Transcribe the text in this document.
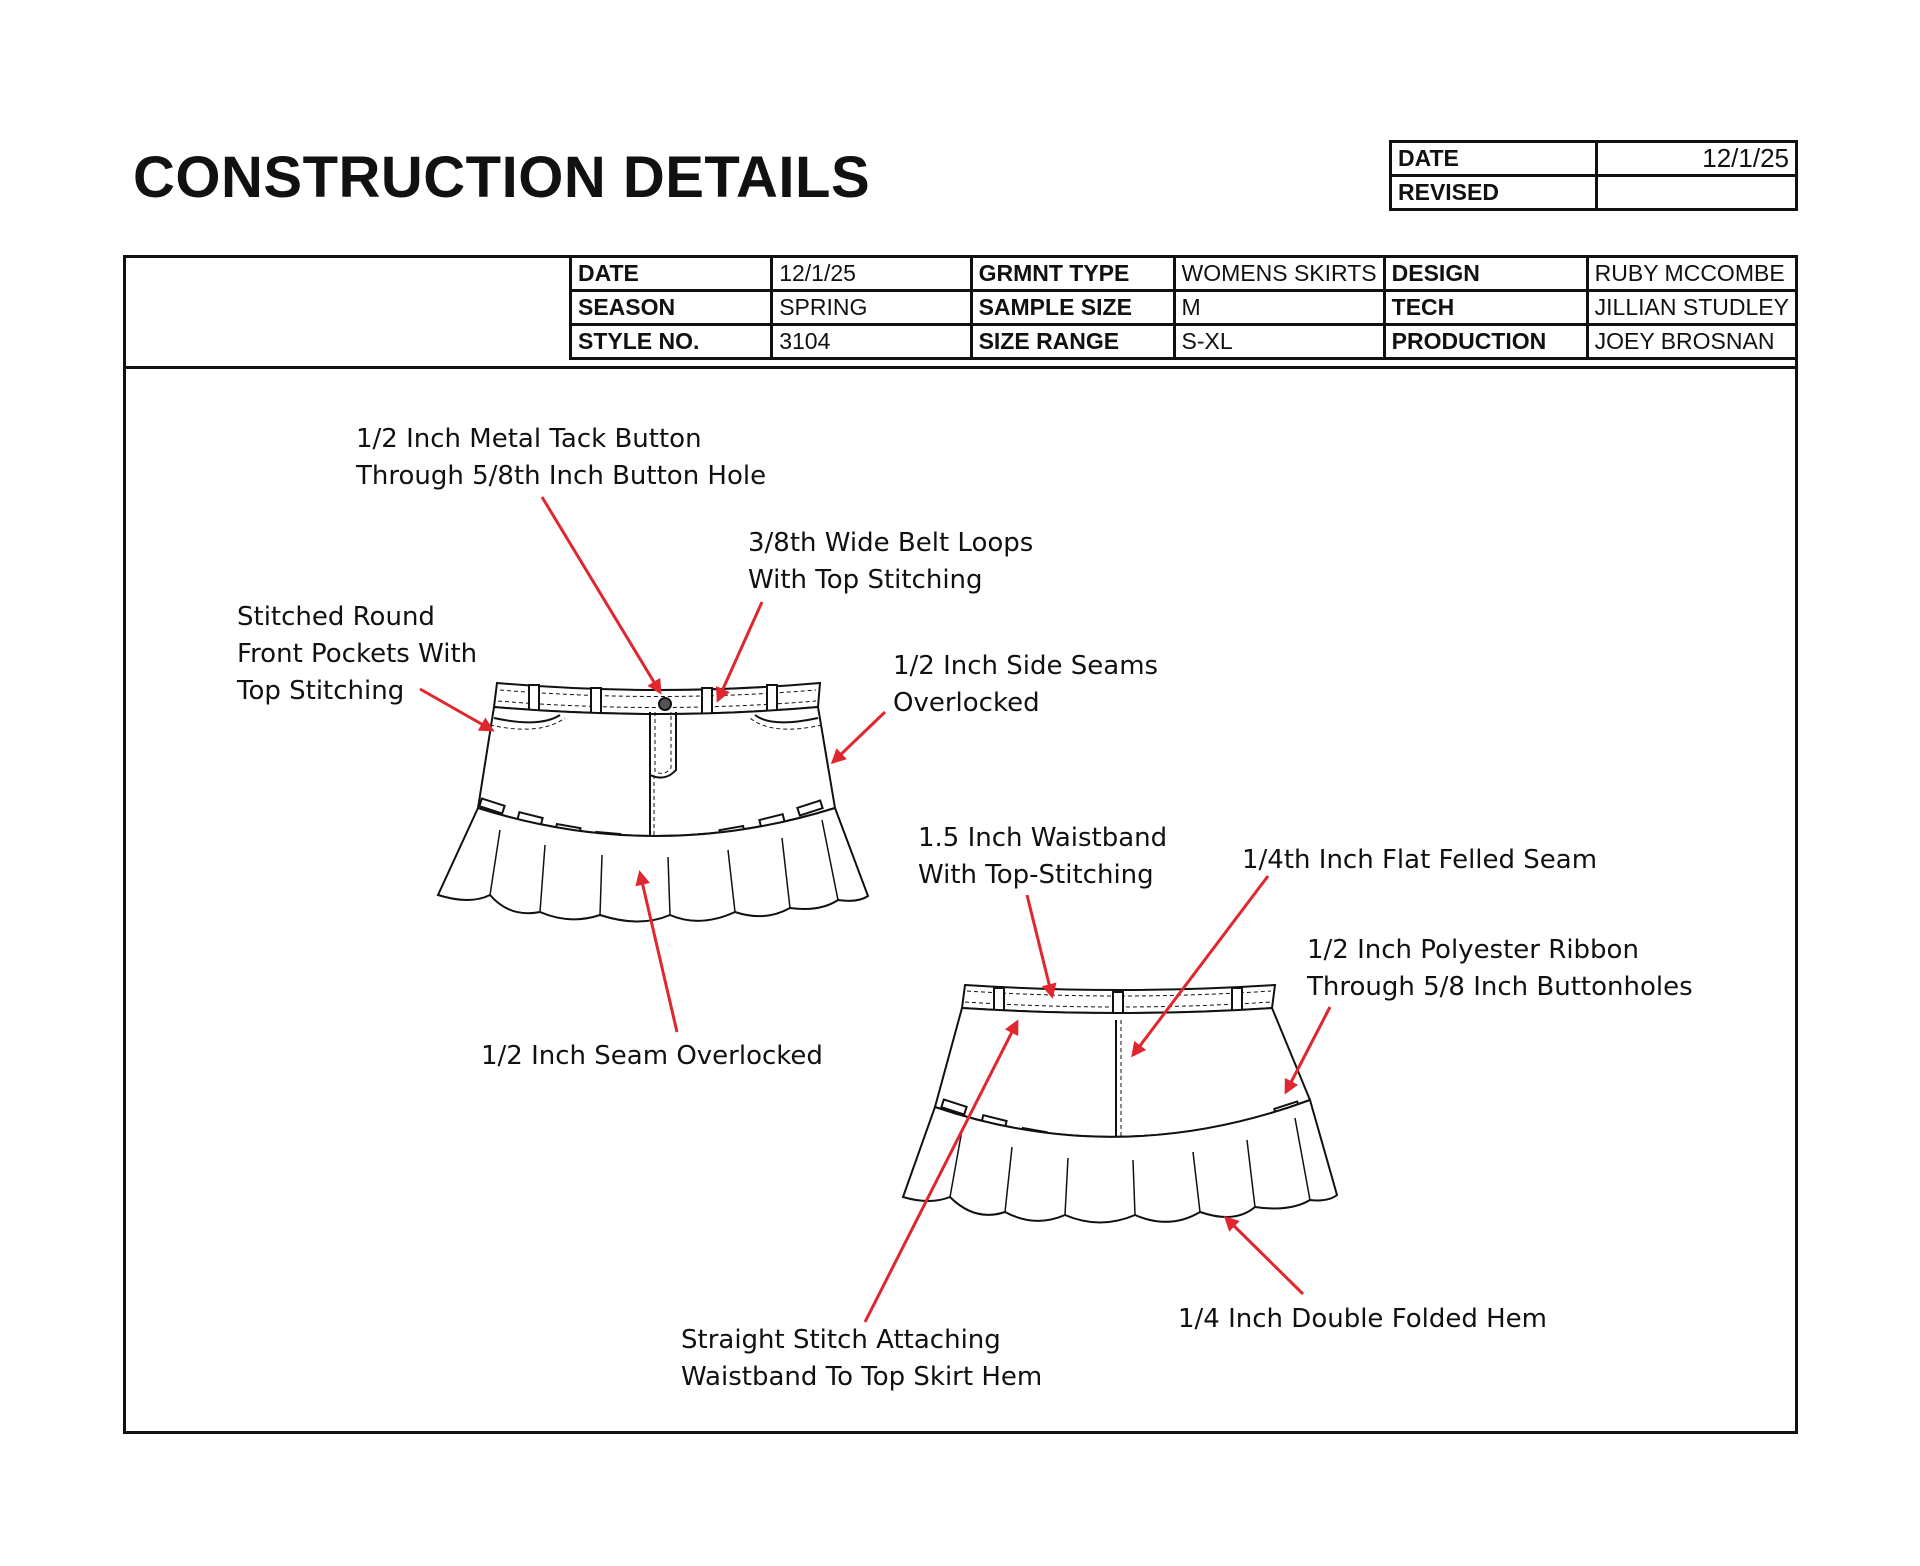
CONSTRUCTION DETAILS	DATE	12/1/25
REVISED	
DATE	12/1/25	GRMNT TYPE	WOMENS SKIRTS	DESIGN	RUBY MCCOMBE
SEASON	SPRING	SAMPLE SIZE	M	TECH	JILLIAN STUDLEY
STYLE NO.	3104	SIZE RANGE	S-XL	PRODUCTION	JOEY BROSNAN
1/2 Inch Metal Tack Button
Through 5/8th Inch Button Hole
3/8th Wide Belt Loops
With Top Stitching
Stitched Round
Front Pockets With
Top Stitching
1/2 Inch Side Seams
Overlocked
1/2 Inch Seam Overlocked
1.5 Inch Waistband
With Top-Stitching	1/4th Inch Flat Felled Seam
1/2 Inch Polyester Ribbon
Through 5/8 Inch Buttonholes
1/4 Inch Double Folded Hem
Straight Stitch Attaching
Waistband To Top Skirt Hem
